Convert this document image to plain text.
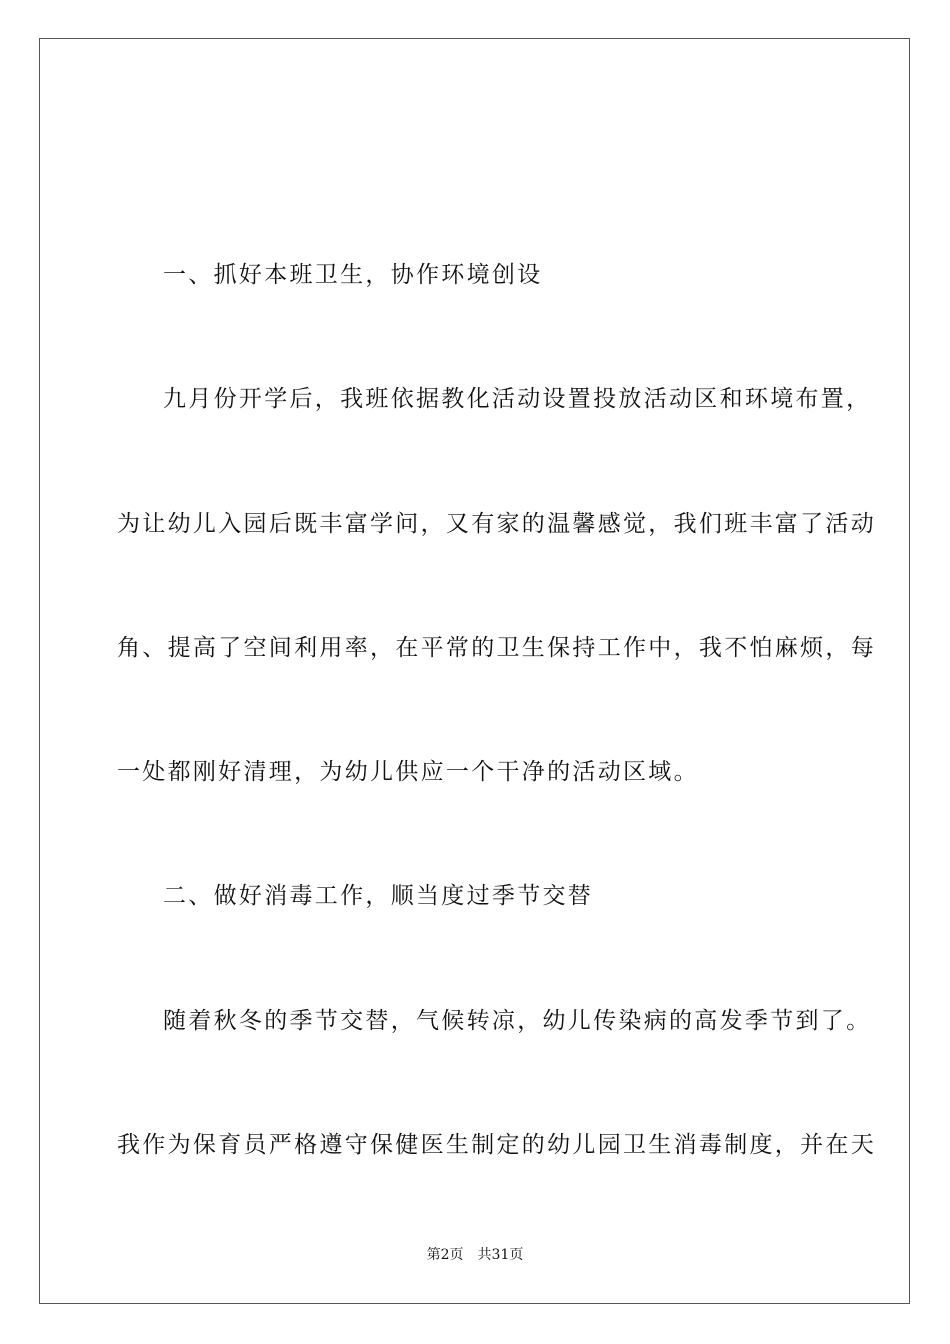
一、抓好本班卫生，协作环境创设
九月份开学后，我班依据教化活动设置投放活动区和环境布置，
为让幼儿入园后既丰富学问，又有家的温馨感觉，我们班丰富了活动
角、提高了空间利用率，在平常的卫生保持工作中，我不怕麻烦，每
一处都刚好清理，为幼儿供应一个干净的活动区域。
二、做好消毒工作，顺当度过季节交替
随着秋冬的季节交替，气候转凉，幼儿传染病的高发季节到了。
我作为保育员严格遵守保健医生制定的幼儿园卫生消毒制度，并在天
第2页 共31页
